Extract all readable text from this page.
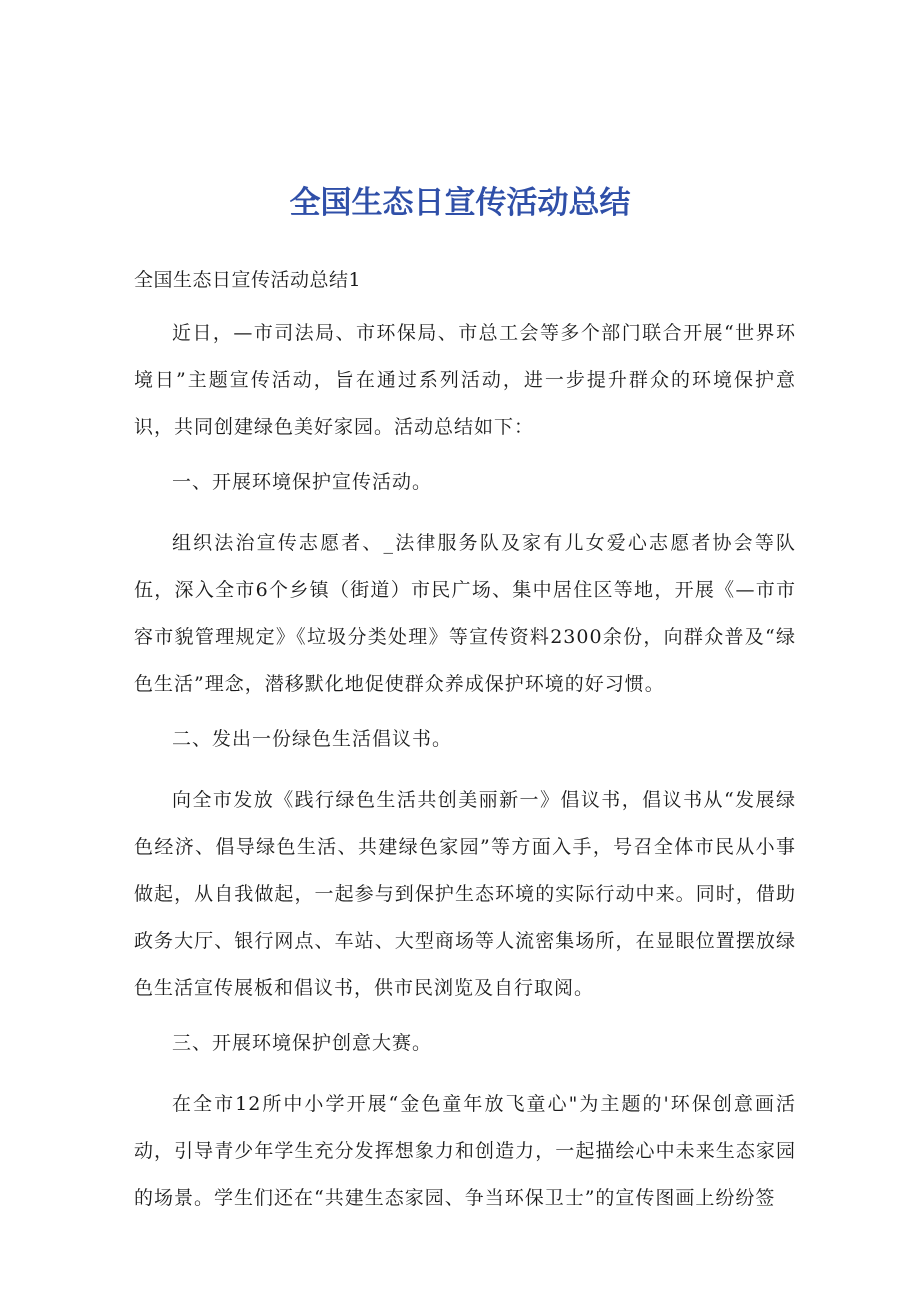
全国生态日宣传活动总结

全国生态日宣传活动总结1

近日，—市司法局、市环保局、市总工会等多个部门联合开展“世界环境日”主题宣传活动，旨在通过系列活动，进一步提升群众的环境保护意识，共同创建绿色美好家园。活动总结如下：

一、开展环境保护宣传活动。

组织法治宣传志愿者、_法律服务队及家有儿女爱心志愿者协会等队伍，深入全市6个乡镇（街道）市民广场、集中居住区等地，开展《—市市容市貌管理规定》《垃圾分类处理》等宣传资料2300余份，向群众普及“绿色生活”理念，潜移默化地促使群众养成保护环境的好习惯。

二、发出一份绿色生活倡议书。

向全市发放《践行绿色生活共创美丽新一》倡议书，倡议书从“发展绿色经济、倡导绿色生活、共建绿色家园”等方面入手，号召全体市民从小事做起，从自我做起，一起参与到保护生态环境的实际行动中来。同时，借助政务大厅、银行网点、车站、大型商场等人流密集场所，在显眼位置摆放绿色生活宣传展板和倡议书，供市民浏览及自行取阅。

三、开展环境保护创意大赛。

在全市12所中小学开展“金色童年放飞童心"为主题的'环保创意画活动，引导青少年学生充分发挥想象力和创造力，一起描绘心中未来生态家园的场景。学生们还在“共建生态家园、争当环保卫士”的宣传图画上纷纷签
